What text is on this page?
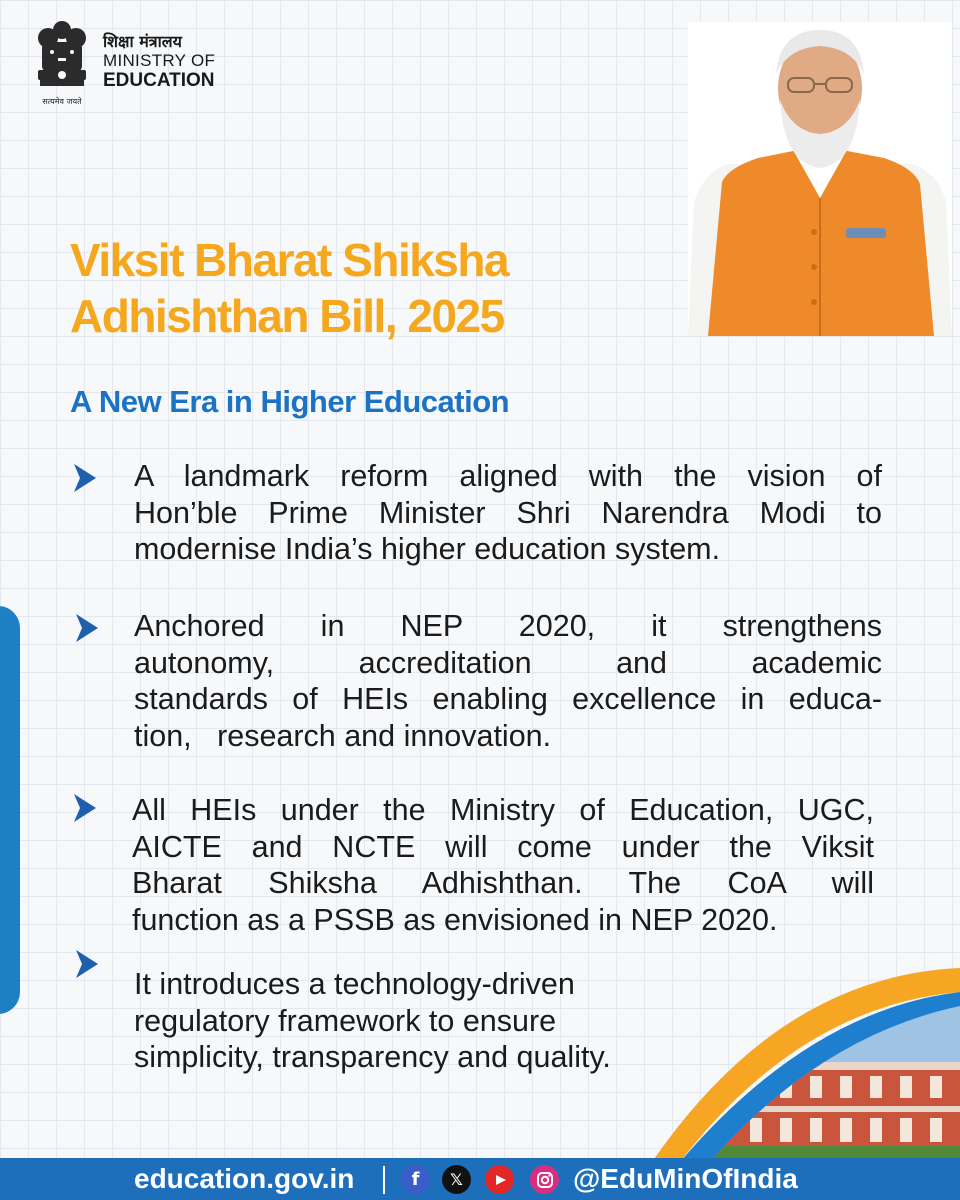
सत्यमेव जयते
शिक्षा मंत्रालय
MINISTRY OF
EDUCATION
Viksit Bharat Shiksha
Adhishthan Bill, 2025
A New Era in Higher Education
A landmark reform aligned with the vision of
Hon’ble Prime Minister Shri Narendra Modi to
modernise India’s higher education system.
Anchored in NEP 2020, it strengthens
autonomy, accreditation and academic
standards of HEIs enabling excellence in educa-
tion,   research and innovation.
All HEIs under the Ministry of Education, UGC,
AICTE and NCTE will come under the Viksit
Bharat Shiksha Adhishthan. The CoA will
function as a PSSB as envisioned in NEP 2020.
It introduces a technology-driven
regulatory framework to ensure
simplicity, transparency and quality.
education.gov.in	f	𝕏	@EduMinOfIndia
